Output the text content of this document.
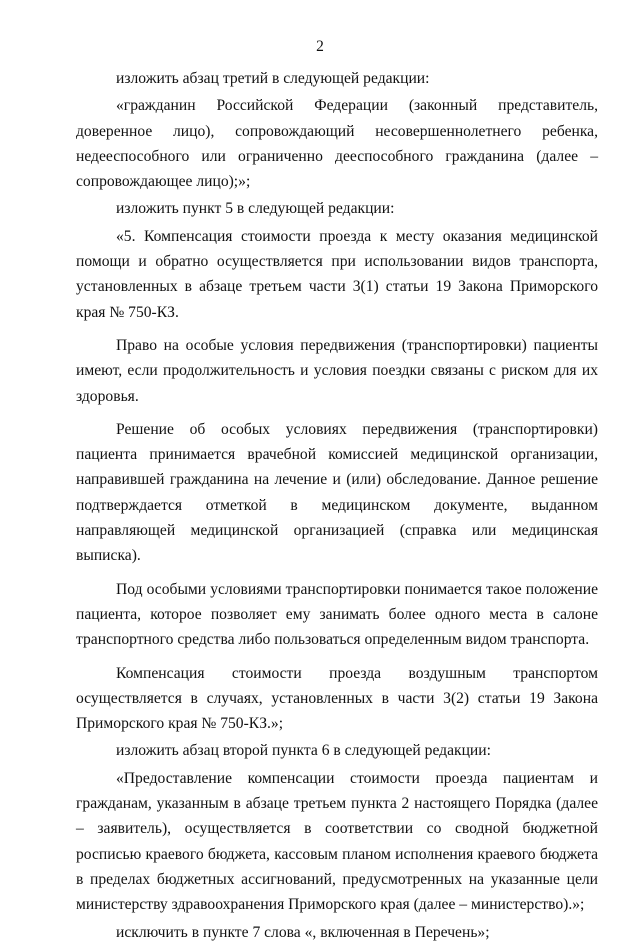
2

изложить абзац третий в следующей редакции:

«гражданин Российской Федерации (законный представитель, доверенное лицо), сопровождающий несовершеннолетнего ребенка, недееспособного или ограниченно дееспособного гражданина (далее – сопровождающее лицо);»;

изложить пункт 5 в следующей редакции:

«5. Компенсация стоимости проезда к месту оказания медицинской помощи и обратно осуществляется при использовании видов транспорта, установленных в абзаце третьем части 3(1) статьи 19 Закона Приморского края № 750-КЗ.

Право на особые условия передвижения (транспортировки) пациенты имеют, если продолжительность и условия поездки связаны с риском для их здоровья.

Решение об особых условиях передвижения (транспортировки) пациента принимается врачебной комиссией медицинской организации, направившей гражданина на лечение и (или) обследование. Данное решение подтверждается отметкой в медицинском документе, выданном направляющей медицинской организацией (справка или медицинская выписка).

Под особыми условиями транспортировки понимается такое положение пациента, которое позволяет ему занимать более одного места в салоне транспортного средства либо пользоваться определенным видом транспорта.

Компенсация стоимости проезда воздушным транспортом осуществляется в случаях, установленных в части 3(2) статьи 19 Закона Приморского края № 750-КЗ.»;

изложить абзац второй пункта 6 в следующей редакции:

«Предоставление компенсации стоимости проезда пациентам и гражданам, указанным в абзаце третьем пункта 2 настоящего Порядка (далее – заявитель), осуществляется в соответствии со сводной бюджетной росписью краевого бюджета, кассовым планом исполнения краевого бюджета в пределах бюджетных ассигнований, предусмотренных на указанные цели министерству здравоохранения Приморского края (далее – министерство).»;

исключить в пункте 7 слова «, включенная в Перечень»;
